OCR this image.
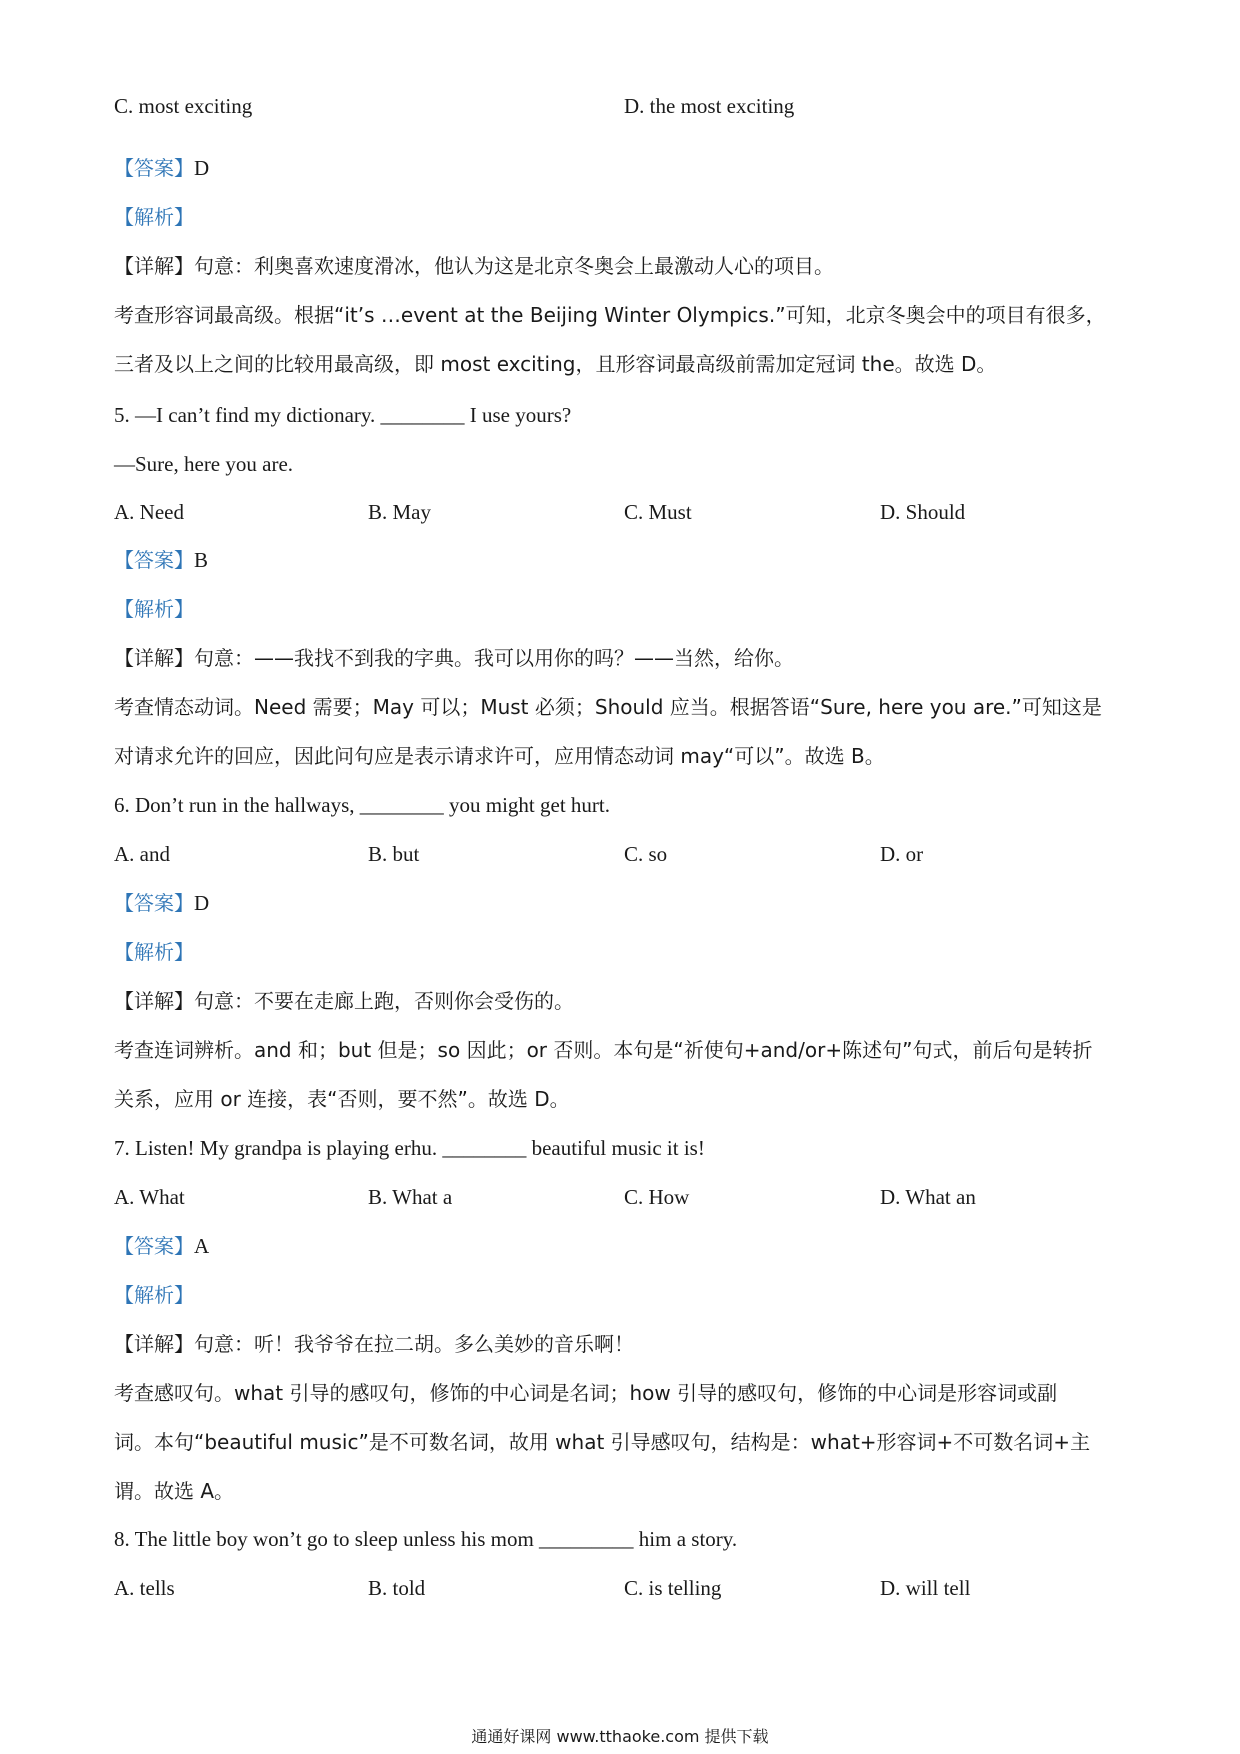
C. most exciting	D. the most exciting
【答案】D
【解析】
【详解】句意：利奥喜欢速度滑冰，他认为这是北京冬奥会上最激动人心的项目。
考查形容词最高级。根据“it’s …event at the Beijing Winter Olympics.”可知，北京冬奥会中的项目有很多，
三者及以上之间的比较用最高级，即 most exciting，且形容词最高级前需加定冠词 the。故选 D。
5. —I can’t find my dictionary. ________ I use yours?
—Sure, here you are.
A. Need	B. May	C. Must	D. Should
【答案】B
【解析】
【详解】句意：——我找不到我的字典。我可以用你的吗？——当然，给你。
考查情态动词。Need 需要；May 可以；Must 必须；Should 应当。根据答语“Sure, here you are.”可知这是
对请求允许的回应，因此问句应是表示请求许可，应用情态动词 may“可以”。故选 B。
6. Don’t run in the hallways, ________ you might get hurt.
A. and	B. but	C. so	D. or
【答案】D
【解析】
【详解】句意：不要在走廊上跑，否则你会受伤的。
考查连词辨析。and 和；but 但是；so 因此；or 否则。本句是“祈使句+and/or+陈述句”句式，前后句是转折
关系，应用 or 连接，表“否则，要不然”。故选 D。
7. Listen! My grandpa is playing erhu. ________ beautiful music it is!
A. What	B. What a	C. How	D. What an
【答案】A
【解析】
【详解】句意：听！我爷爷在拉二胡。多么美妙的音乐啊！
考查感叹句。what 引导的感叹句，修饰的中心词是名词；how 引导的感叹句，修饰的中心词是形容词或副
词。本句“beautiful music”是不可数名词，故用 what 引导感叹句，结构是：what+形容词+不可数名词+主
谓。故选 A。
8. The little boy won’t go to sleep unless his mom _________ him a story.
A. tells	B. told	C. is telling	D. will tell
通通好课网 www.tthaoke.com 提供下载
